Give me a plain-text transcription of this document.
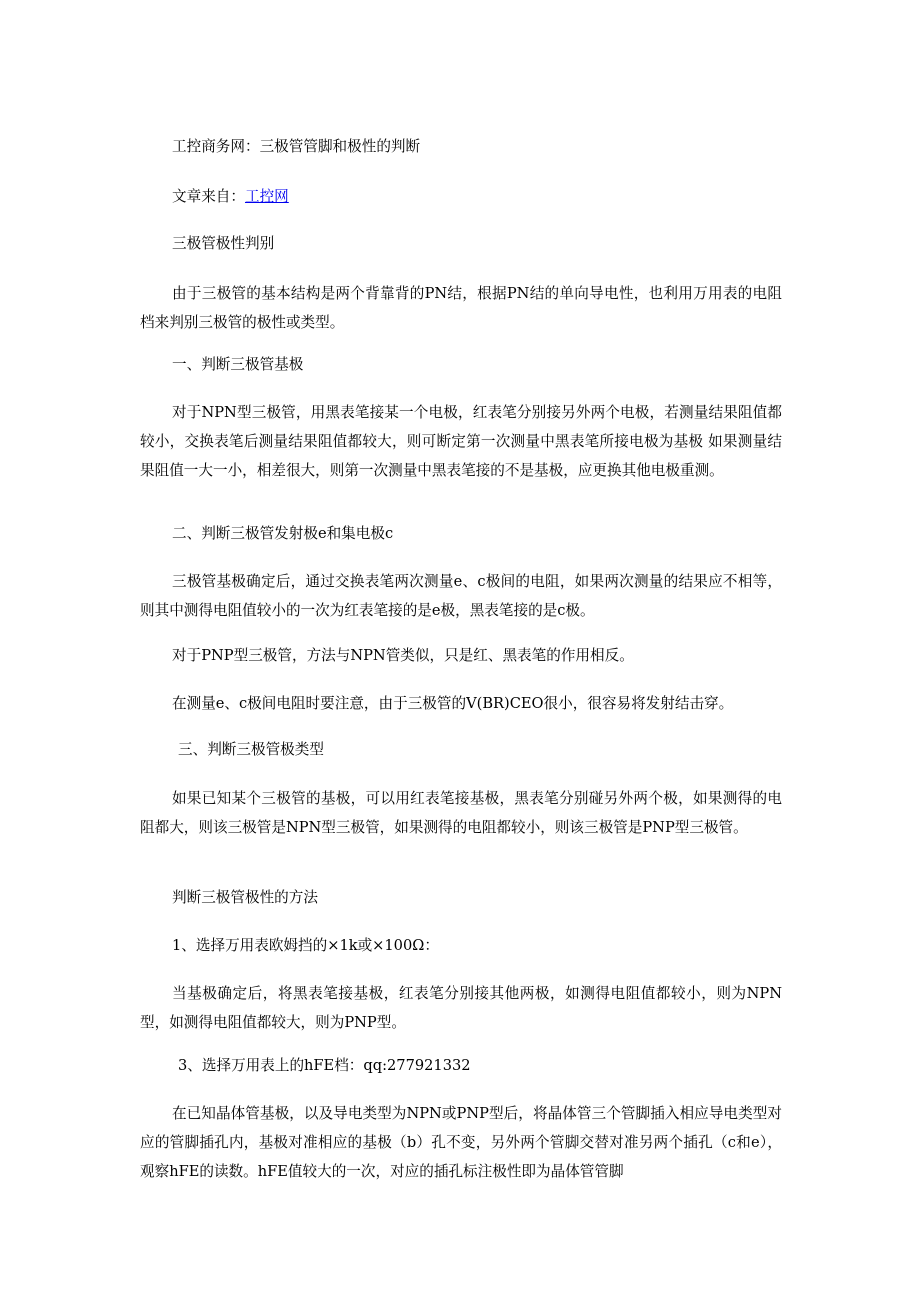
工控商务网：三极管管脚和极性的判断

文章来自：工控网

三极管极性判别

由于三极管的基本结构是两个背靠背的PN结，根据PN结的单向导电性，也利用万用表的电阻档来判别三极管的极性或类型。

一、判断三极管基极

对于NPN型三极管，用黑表笔接某一个电极，红表笔分别接另外两个电极，若测量结果阻值都较小，交换表笔后测量结果阻值都较大，则可断定第一次测量中黑表笔所接电极为基极 如果测量结果阻值一大一小，相差很大，则第一次测量中黑表笔接的不是基极，应更换其他电极重测。

二、判断三极管发射极e和集电极c

三极管基极确定后，通过交换表笔两次测量e、c极间的电阻，如果两次测量的结果应不相等，则其中测得电阻值较小的一次为红表笔接的是e极，黑表笔接的是c极。

对于PNP型三极管，方法与NPN管类似，只是红、黑表笔的作用相反。

在测量e、c极间电阻时要注意，由于三极管的V(BR)CEO很小，很容易将发射结击穿。

三、判断三极管极类型

如果已知某个三极管的基极，可以用红表笔接基极，黑表笔分别碰另外两个极，如果测得的电阻都大，则该三极管是NPN型三极管，如果测得的电阻都较小，则该三极管是PNP型三极管。

判断三极管极性的方法

1、选择万用表欧姆挡的×1k或×100Ω：

当基极确定后，将黑表笔接基极，红表笔分别接其他两极，如测得电阻值都较小，则为NPN型，如测得电阻值都较大，则为PNP型。

3、选择万用表上的hFE档：qq:277921332

在已知晶体管基极，以及导电类型为NPN或PNP型后，将晶体管三个管脚插入相应导电类型对应的管脚插孔内，基极对准相应的基极（b）孔不变，另外两个管脚交替对准另两个插孔（c和e），观察hFE的读数。hFE值较大的一次，对应的插孔标注极性即为晶体管管脚
